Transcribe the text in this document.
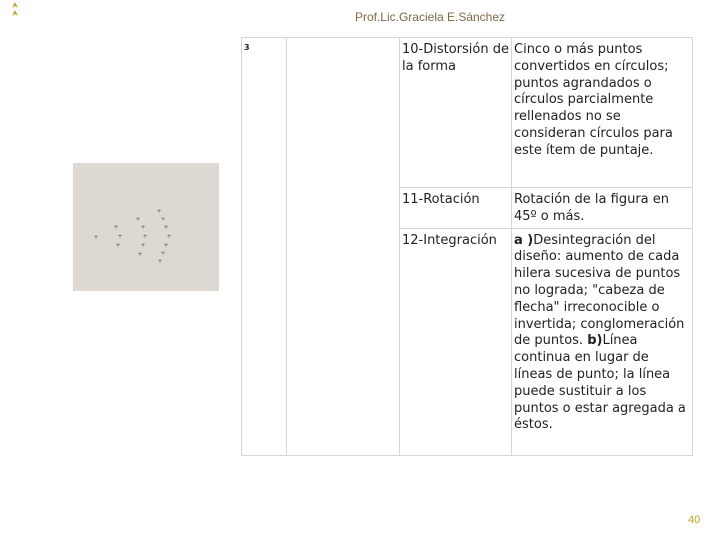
Prof.Lic.Graciela E.Sánchez
+
+
+
+
+
+
+
+
+
+
+
+
+
+
+
+
3		10-Distorsión de la forma	Cinco o más puntos convertidos en círculos; puntos agrandados o círculos parcialmente rellenados no se consideran círculos para este ítem de puntaje.

		11-Rotación	Rotación de la figura en 45º o más.

		12-Integración	a )Desintegración del diseño: aumento de cada hilera sucesiva de puntos no lograda; "cabeza de flecha" irreconocible o invertida; conglomeración de puntos. b)Línea continua en lugar de líneas de punto; la línea puede sustituir a los puntos o estar agregada a éstos.
40
